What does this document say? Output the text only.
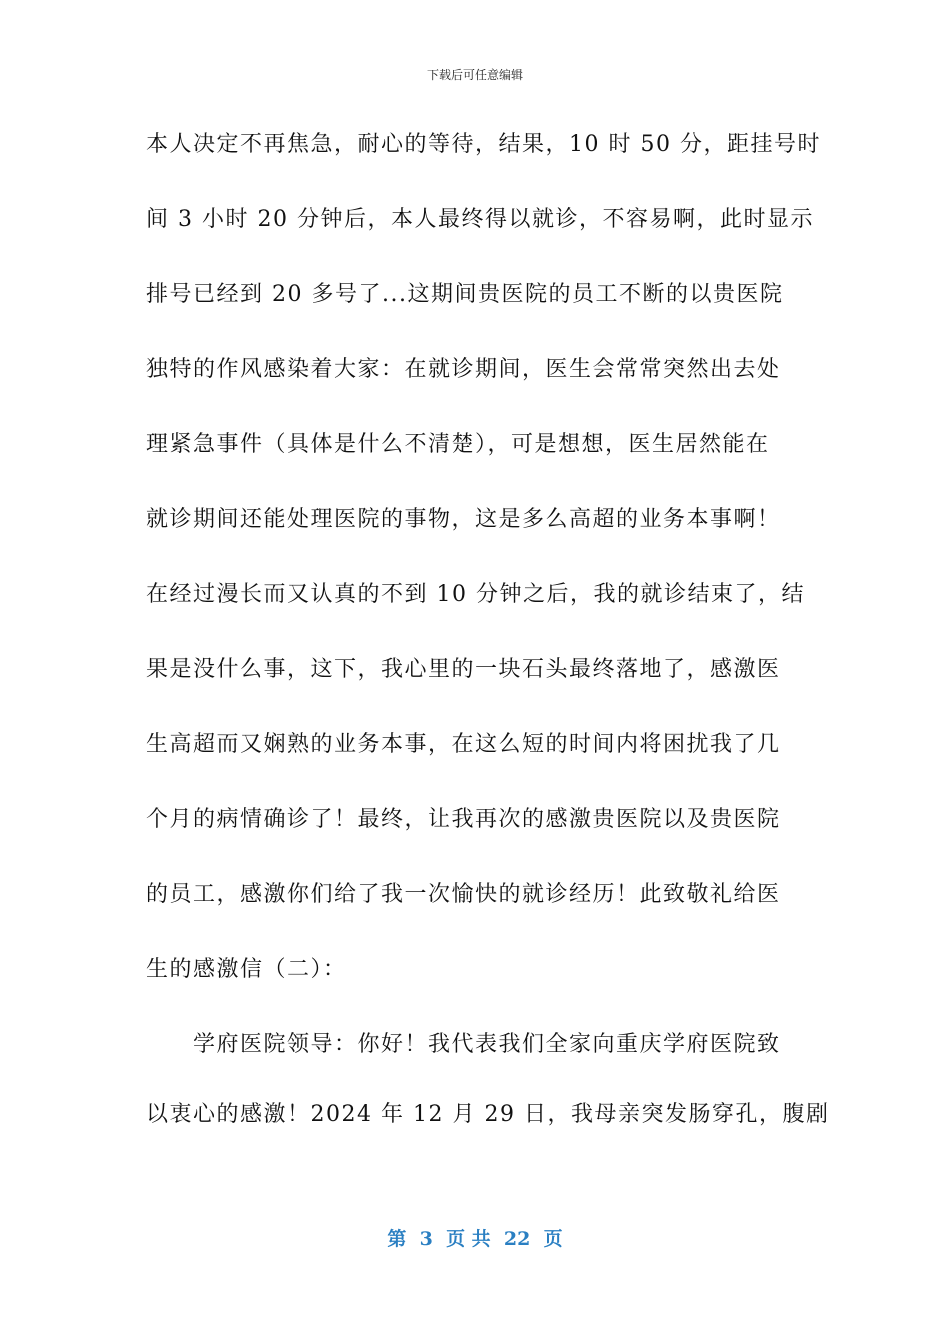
下载后可任意编辑
本人决定不再焦急，耐心的等待，结果，10 时 50 分，距挂号时
间 3 小时 20 分钟后，本人最终得以就诊，不容易啊，此时显示
排号已经到 20 多号了...这期间贵医院的员工不断的以贵医院
独特的作风感染着大家：在就诊期间，医生会常常突然出去处
理紧急事件（具体是什么不清楚），可是想想，医生居然能在
就诊期间还能处理医院的事物，这是多么高超的业务本事啊！
在经过漫长而又认真的不到 10 分钟之后，我的就诊结束了，结
果是没什么事，这下，我心里的一块石头最终落地了，感激医
生高超而又娴熟的业务本事，在这么短的时间内将困扰我了几
个月的病情确诊了！最终，让我再次的感激贵医院以及贵医院
的员工，感激你们给了我一次愉快的就诊经历！此致敬礼给医
生的感激信（二）：
　　学府医院领导：你好！我代表我们全家向重庆学府医院致
以衷心的感激！2024 年 12 月 29 日，我母亲突发肠穿孔，腹剧
第  3  页 共  22  页
